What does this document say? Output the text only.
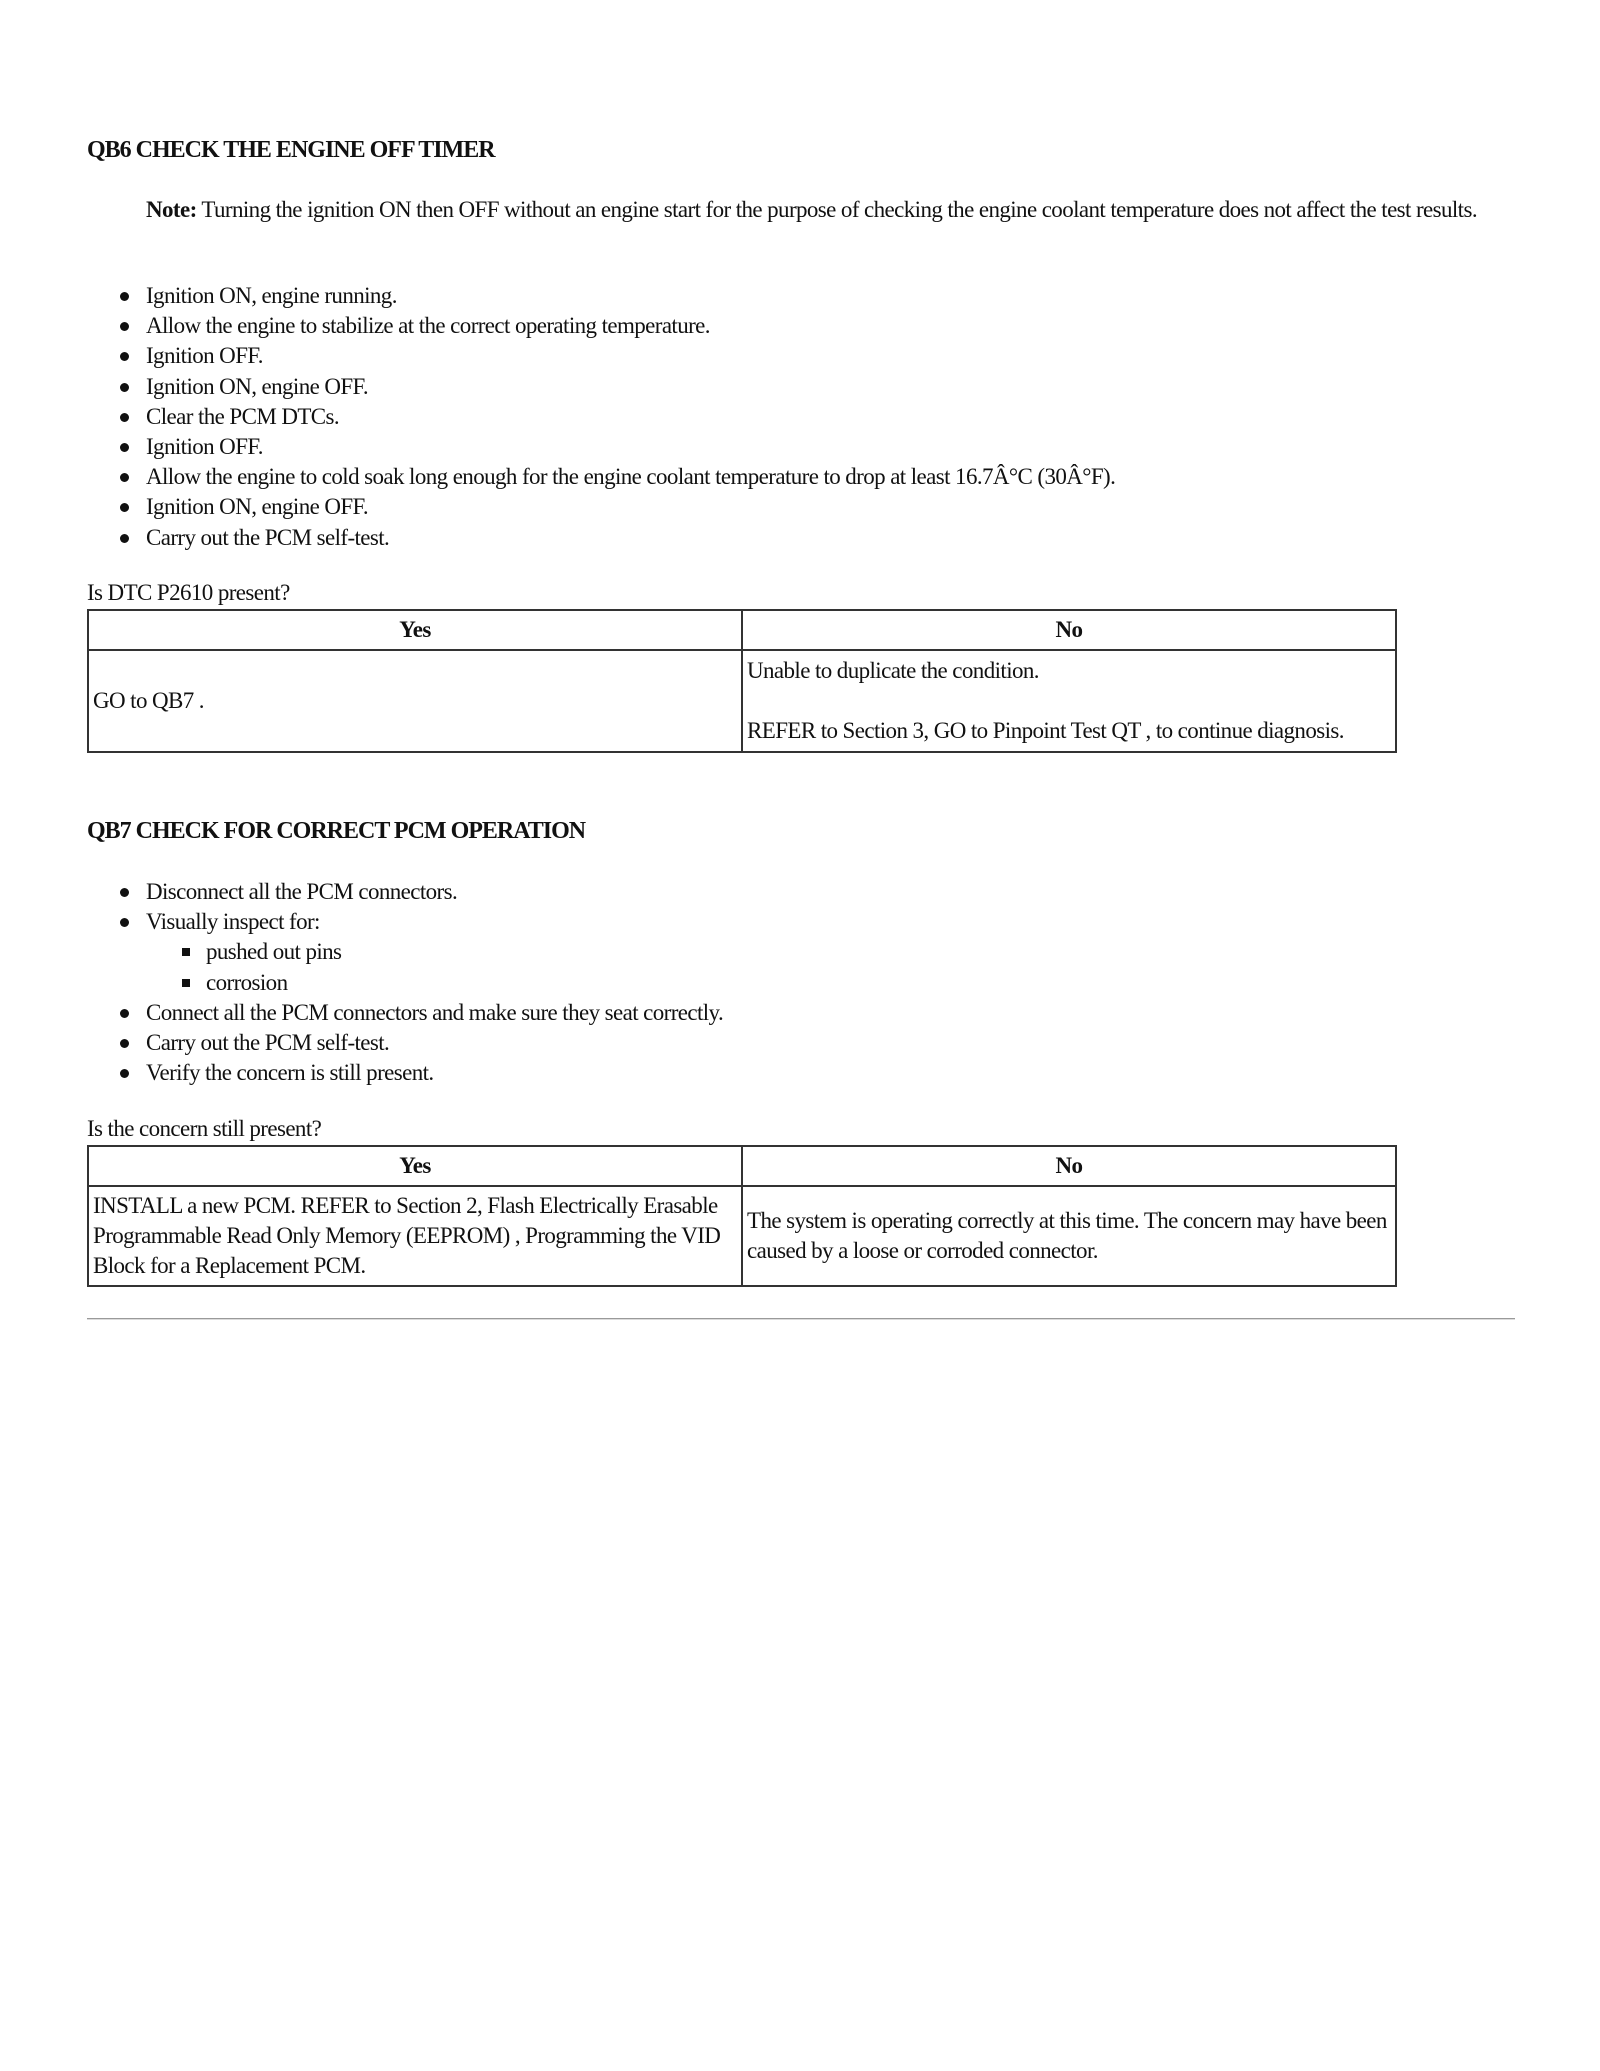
QB6 CHECK THE ENGINE OFF TIMER

Note: Turning the ignition ON then OFF without an engine start for the purpose of checking the engine coolant temperature does not affect the test results.

Ignition ON, engine running.
Allow the engine to stabilize at the correct operating temperature.
Ignition OFF.
Ignition ON, engine OFF.
Clear the PCM DTCs.
Ignition OFF.
Allow the engine to cold soak long enough for the engine coolant temperature to drop at least 16.7Â°C (30Â°F).
Ignition ON, engine OFF.
Carry out the PCM self-test.

Is DTC P2610 present?

Yes	No
GO to QB7 .	Unable to duplicate the condition.
REFER to Section 3, GO to Pinpoint Test QT , to continue diagnosis.
QB7 CHECK FOR CORRECT PCM OPERATION
Disconnect all the PCM connectors.
Visually inspect for:
pushed out pins
corrosion
Connect all the PCM connectors and make sure they seat correctly.
Carry out the PCM self-test.
Verify the concern is still present.

Is the concern still present?

Yes	No
INSTALL a new PCM. REFER to Section 2, Flash Electrically Erasable Programmable Read Only Memory (EEPROM) , Programming the VID Block for a Replacement PCM.	The system is operating correctly at this time. The concern may have been caused by a loose or corroded connector.
